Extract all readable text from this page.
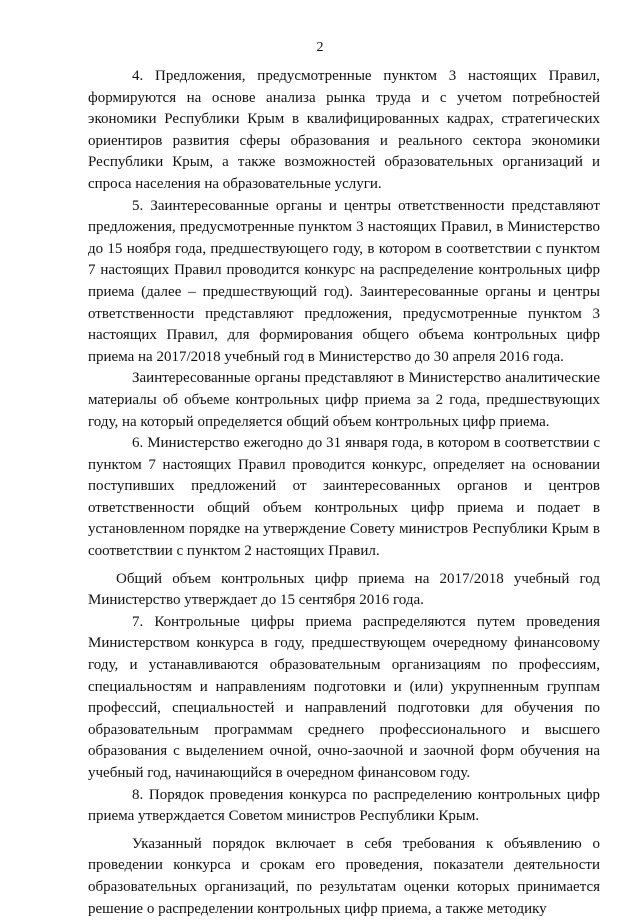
2

4. Предложения, предусмотренные пунктом 3 настоящих Правил, формируются на основе анализа рынка труда и с учетом потребностей экономики Республики Крым в квалифицированных кадрах, стратегических ориентиров развития сферы образования и реального сектора экономики Республики Крым, а также возможностей образовательных организаций и спроса населения на образовательные услуги.

5. Заинтересованные органы и центры ответственности представляют предложения, предусмотренные пунктом 3 настоящих Правил, в Министерство до 15 ноября года, предшествующего году, в котором в соответствии с пунктом 7 настоящих Правил проводится конкурс на распределение контрольных цифр приема (далее – предшествующий год). Заинтересованные органы и центры ответственности представляют предложения, предусмотренные пунктом 3 настоящих Правил, для формирования общего объема контрольных цифр приема на 2017/2018 учебный год в Министерство до 30 апреля 2016 года.

Заинтересованные органы представляют в Министерство аналитические материалы об объеме контрольных цифр приема за 2 года, предшествующих году, на который определяется общий объем контрольных цифр приема.

6. Министерство ежегодно до 31 января года, в котором в соответствии с пунктом 7 настоящих Правил проводится конкурс, определяет на основании поступивших предложений от заинтересованных органов и центров ответственности общий объем контрольных цифр приема и подает в установленном порядке на утверждение Совету министров Республики Крым в соответствии с пунктом 2 настоящих Правил.

Общий объем контрольных цифр приема на 2017/2018 учебный год Министерство утверждает до 15 сентября 2016 года.

7. Контрольные цифры приема распределяются путем проведения Министерством конкурса в году, предшествующем очередному финансовому году, и устанавливаются образовательным организациям по профессиям, специальностям и направлениям подготовки и (или) укрупненным группам профессий, специальностей и направлений подготовки для обучения по образовательным программам среднего профессионального и высшего образования с выделением очной, очно-заочной и заочной форм обучения на учебный год, начинающийся в очередном финансовом году.

8. Порядок проведения конкурса по распределению контрольных цифр приема утверждается Советом министров Республики Крым.

Указанный порядок включает в себя требования к объявлению о проведении конкурса и срокам его проведения, показатели деятельности образовательных организаций, по результатам оценки которых принимается решение о распределении контрольных цифр приема, а также методику
